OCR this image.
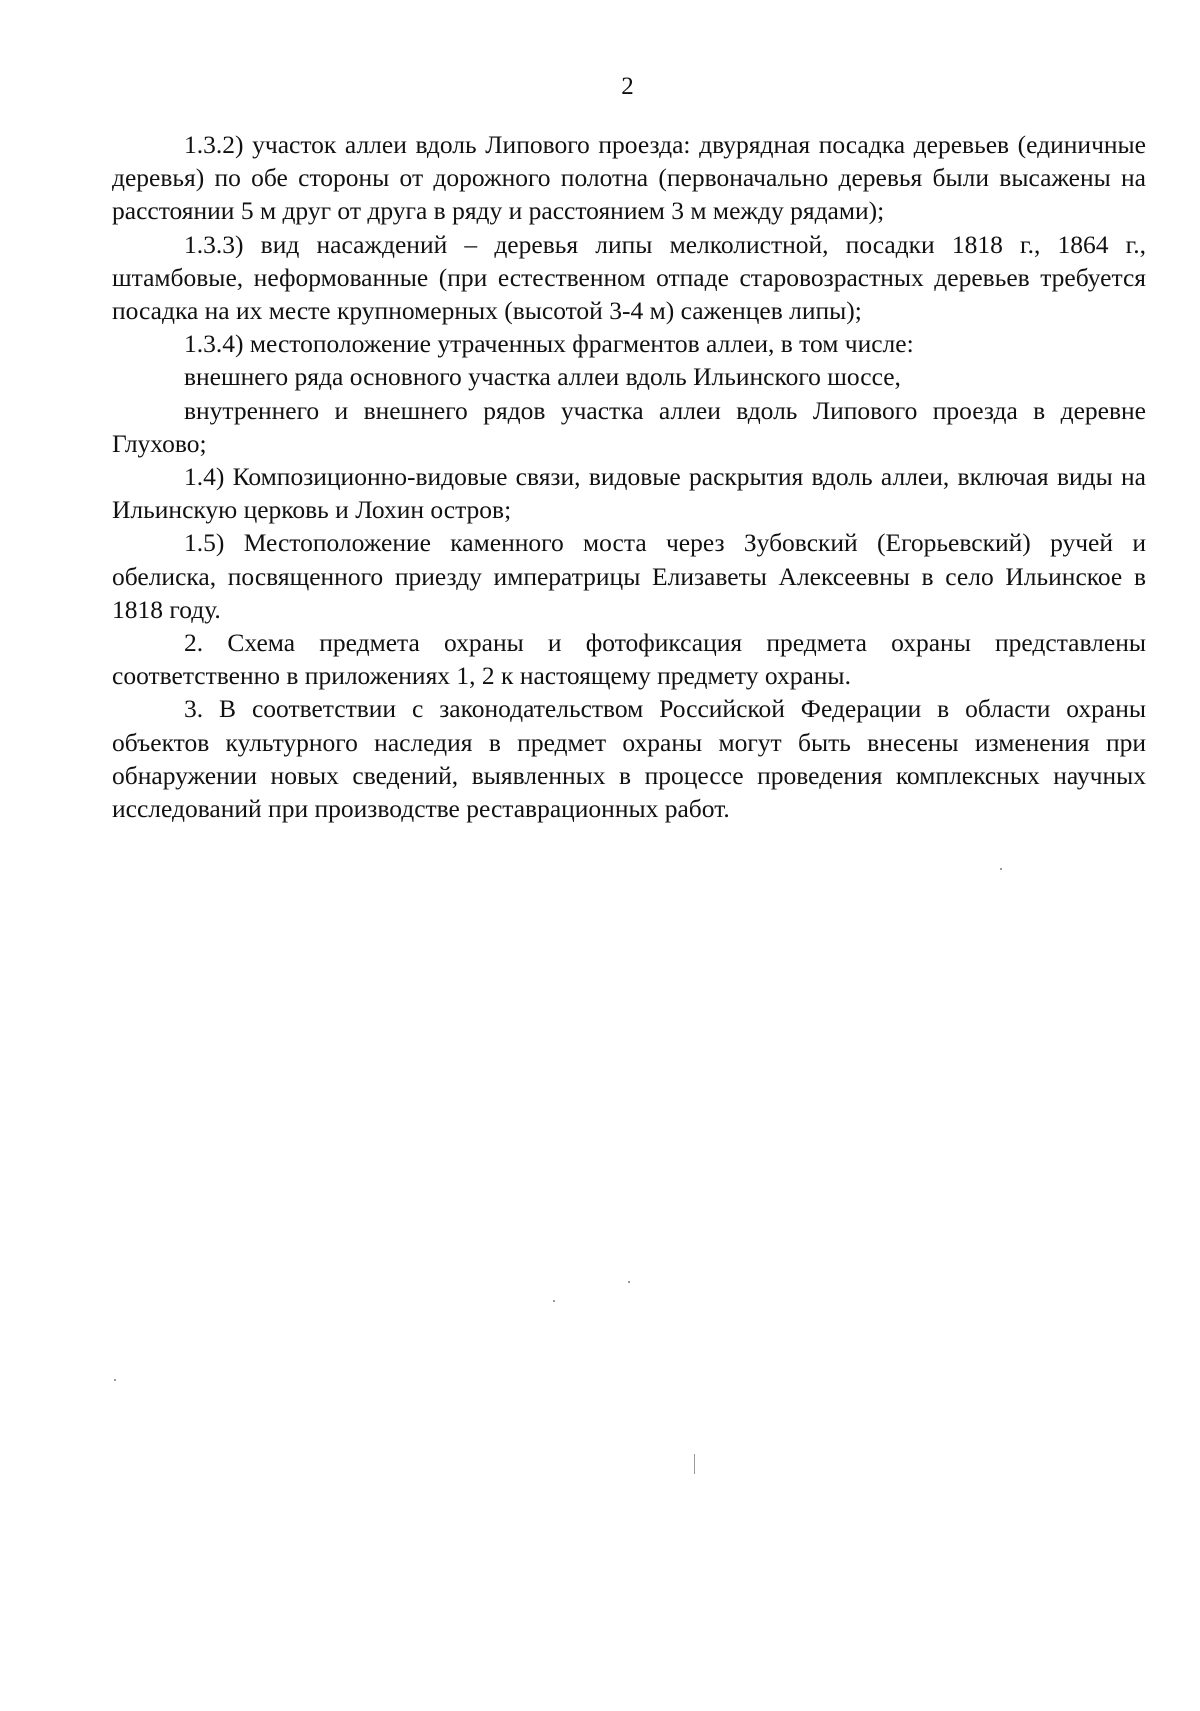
2

1.3.2) участок аллеи вдоль Липового проезда: двурядная посадка деревьев (единичные деревья) по обе стороны от дорожного полотна (первоначально деревья были высажены на расстоянии 5 м друг от друга в ряду и расстоянием 3 м между рядами);

1.3.3) вид насаждений – деревья липы мелколистной, посадки 1818 г., 1864 г., штамбовые, неформованные (при естественном отпаде старовозрастных деревьев требуется посадка на их месте крупномерных (высотой 3-4 м) саженцев липы);

1.3.4) местоположение утраченных фрагментов аллеи, в том числе:

внешнего ряда основного участка аллеи вдоль Ильинского шоссе,

внутреннего и внешнего рядов участка аллеи вдоль Липового проезда в деревне Глухово;

1.4) Композиционно-видовые связи, видовые раскрытия вдоль аллеи, включая виды на Ильинскую церковь и Лохин остров;

1.5) Местоположение каменного моста через Зубовский (Егорьевский) ручей и обелиска, посвященного приезду императрицы Елизаветы Алексеевны в село Ильинское в 1818 году.

2. Схема предмета охраны и фотофиксация предмета охраны представлены соответственно в приложениях 1, 2 к настоящему предмету охраны.

3. В соответствии с законодательством Российской Федерации в области охраны объектов культурного наследия в предмет охраны могут быть внесены изменения при обнаружении новых сведений, выявленных в процессе проведения комплексных научных исследований при производстве реставрационных работ.
